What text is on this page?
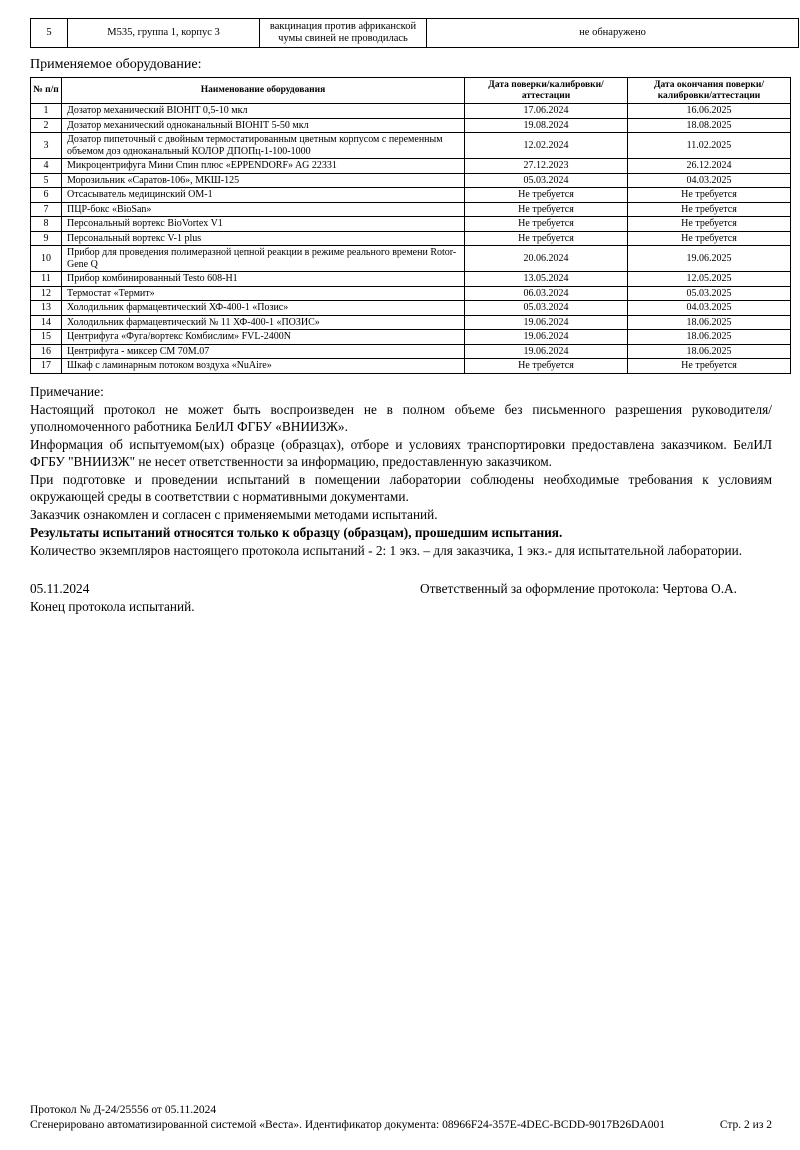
5	М535, группа 1, корпус 3	вакцинация против африканской чумы свиней не проводилась	не обнаружено
Применяемое оборудование:
№ п/п	Наименование оборудования	Дата поверки/калибровки/аттестации	Дата окончания поверки/калибровки/аттестации
1	Дозатор механический ВIОНIТ 0,5-10 мкл	17.06.2024	16.06.2025
2	Дозатор механический одноканальный ВIОНIТ 5-50 мкл	19.08.2024	18.08.2025
3	Дозатор пипеточный с двойным термостатированным цветным корпусом с переменным объемом доз одноканальный КОЛОР ДПОПц-1-100-1000	12.02.2024	11.02.2025
4	Микроцентрифуга Мини Спин плюс «EPPENDORF» AG 22331	27.12.2023	26.12.2024
5	Морозильник «Саратов-106», МКШ-125	05.03.2024	04.03.2025
6	Отсасыватель медицинский ОМ-1	Не требуется	Не требуется
7	ПЦР-бокс «BioSan»	Не требуется	Не требуется
8	Персональный вортекс BioVortex V1	Не требуется	Не требуется
9	Персональный вортекс V-1 plus	Не требуется	Не требуется
10	Прибор для проведения полимеразной цепной реакции в режиме реального времени Rotor-Gene Q	20.06.2024	19.06.2025
11	Прибор комбинированный Testo 608-H1	13.05.2024	12.05.2025
12	Термостат «Термит»	06.03.2024	05.03.2025
13	Холодильник фармацевтический ХФ-400-1 «Позис»	05.03.2024	04.03.2025
14	Холодильник фармацевтический № 11 ХФ-400-1 «ПОЗИС»	19.06.2024	18.06.2025
15	Центрифуга «Фуга/вортекс Комбислим» FVL-2400N	19.06.2024	18.06.2025
16	Центрифуга - миксер СМ 70М.07	19.06.2024	18.06.2025
17	Шкаф с ламинарным потоком воздуха «NuAire»	Не требуется	Не требуется

Примечание:

Настоящий протокол не может быть воспроизведен не в полном объеме без письменного разрешения руководителя/уполномоченного работника БелИЛ ФГБУ «ВНИИЗЖ».

Информация об испытуемом(ых) образце (образцах), отборе и условиях транспортировки предоставлена заказчиком. БелИЛ ФГБУ "ВНИИЗЖ" не несет ответственности за информацию, предоставленную заказчиком.

При подготовке и проведении испытаний в помещении лаборатории соблюдены необходимые требования к условиям окружающей среды в соответствии с нормативными документами.

Заказчик ознакомлен и согласен с применяемыми методами испытаний.

Результаты испытаний относятся только к образцу (образцам), прошедшим испытания.

Количество экземпляров настоящего протокола испытаний - 2: 1 экз. – для заказчика, 1 экз.- для испытательной лаборатории.

05.11.2024	Ответственный за оформление протокола: Чертова О.А.
Конец протокола испытаний.
Протокол № Д-24/25556 от 05.11.2024
Сгенерировано автоматизированной системой «Веста». Идентификатор документа: 08966F24-357E-4DEC-BCDD-9017B26DA001	Стр. 2 из 2
